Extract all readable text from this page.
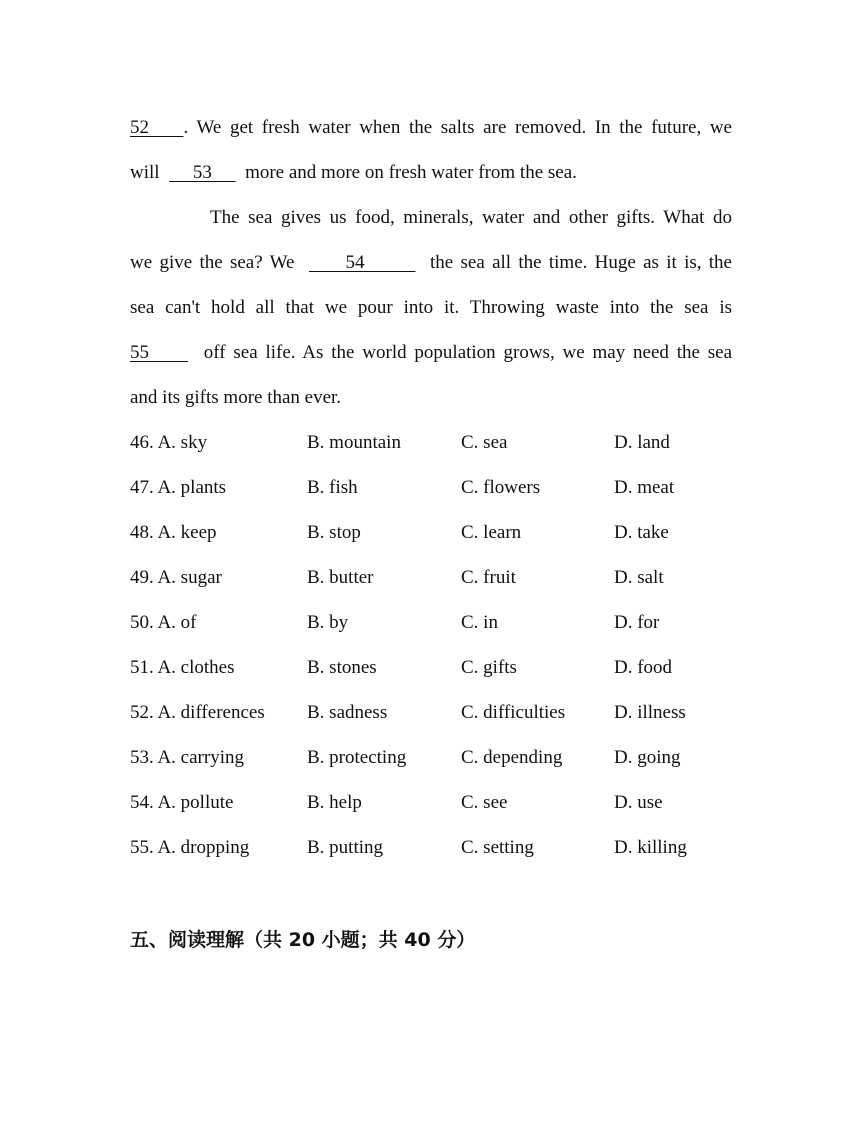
52    . We get fresh water when the salts are removed. In the future, we
will       53       more and more on fresh water from the sea.
The sea gives us food, minerals, water and other gifts. What do
we give the sea? We       54         the sea all the time. Huge as it is, the
sea can't hold all that we pour into it. Throwing waste into the sea is
55       off sea life. As the world population grows, we may need the sea
and its gifts more than ever.
46. A. sky	B. mountain	C. sea	D. land
47. A. plants	B. fish	C. flowers	D. meat
48. A. keep	B. stop	C. learn	D. take
49. A. sugar	B. butter	C. fruit	D. salt
50. A. of	B. by	C. in	D. for
51. A. clothes	B. stones	C. gifts	D. food
52. A. differences B. sadness	C. difficulties	D. illness
53. A. carrying	B. protecting	C. depending	D. going
54. A. pollute	B. help	C. see	D. use
55. A. dropping	B. putting	C. setting	D. killing
五、阅读理解（共 20 小题；共 40 分）
